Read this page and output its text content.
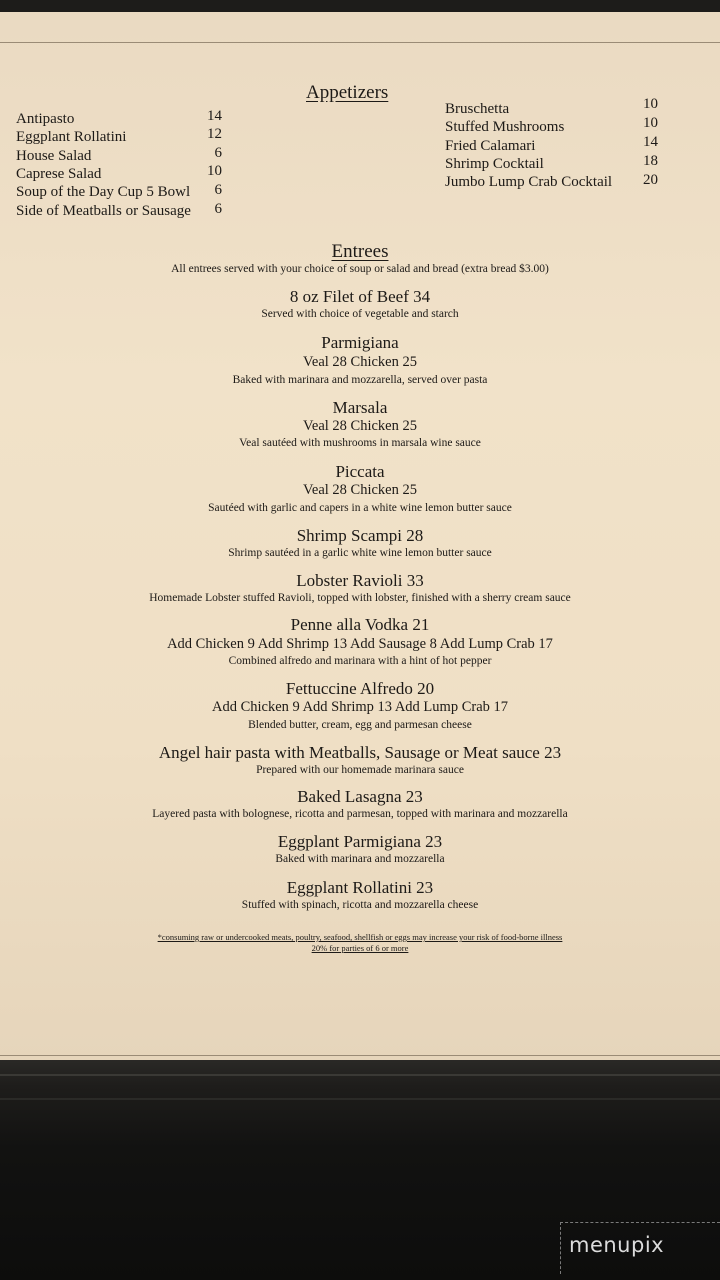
Appetizers
Antipasto	14
Eggplant Rollatini	12
House Salad	6
Caprese Salad	10
Soup of the Day Cup 5 Bowl	6
Side of Meatballs or Sausage	6
Bruschetta	10
Stuffed Mushrooms	10
Fried Calamari	14
Shrimp Cocktail	18
Jumbo Lump Crab Cocktail	20
Entrees
All entrees served with your choice of soup or salad and bread (extra bread $3.00)
8 oz Filet of Beef 34
Served with choice of vegetable and starch
Parmigiana
Veal 28 Chicken 25
Baked with marinara and mozzarella, served over pasta
Marsala
Veal 28 Chicken 25
Veal sautéed with mushrooms in marsala wine sauce
Piccata
Veal 28 Chicken 25
Sautéed with garlic and capers in a white wine lemon butter sauce
Shrimp Scampi 28
Shrimp sautéed in a garlic white wine lemon butter sauce
Lobster Ravioli 33
Homemade Lobster stuffed Ravioli, topped with lobster, finished with a sherry cream sauce
Penne alla Vodka 21
Add Chicken 9 Add Shrimp 13 Add Sausage 8 Add Lump Crab 17
Combined alfredo and marinara with a hint of hot pepper
Fettuccine Alfredo 20
Add Chicken 9 Add Shrimp 13 Add Lump Crab 17
Blended butter, cream, egg and parmesan cheese
Angel hair pasta with Meatballs, Sausage or Meat sauce 23
Prepared with our homemade marinara sauce
Baked Lasagna 23
Layered pasta with bolognese, ricotta and parmesan, topped with marinara and mozzarella
Eggplant Parmigiana 23
Baked with marinara and mozzarella
Eggplant Rollatini 23
Stuffed with spinach, ricotta and mozzarella cheese
*consuming raw or undercooked meats, poultry, seafood, shellfish or eggs may increase your risk of food-borne illness
20% for parties of 6 or more
menupix
